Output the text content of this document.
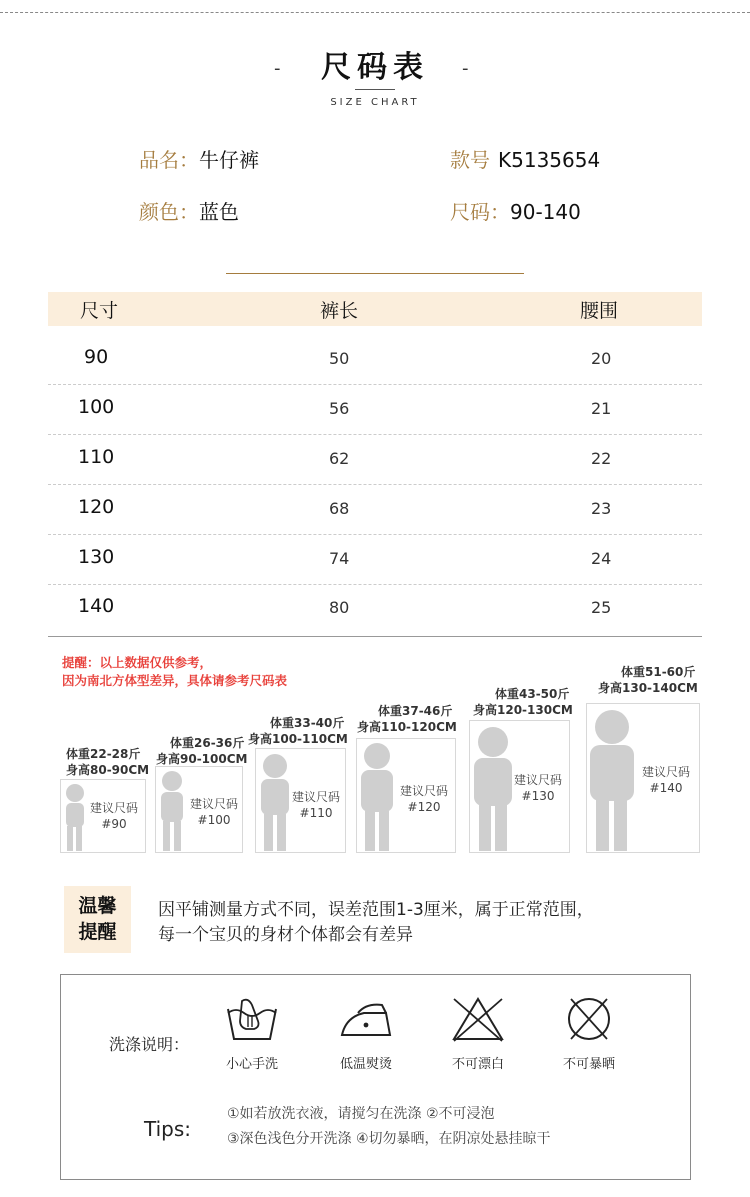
-	尺码表	-
SIZE CHART
品名：牛仔裤	款号 K5135654
颜色：蓝色	尺码：90-140
尺寸	裤长	腰围
90	50	20
100	56	21
110	62	22
120	68	23
130	74	24
140	80	25
提醒：以上数据仅供参考，
因为南北方体型差异，具体请参考尺码表
体重22-28斤
身高80-90CM
建议尺码
#90
体重26-36斤
身高90-100CM
建议尺码
#100
体重33-40斤
身高100-110CM
建议尺码
#110
体重37-46斤
身高110-120CM
建议尺码
#120
体重43-50斤
身高120-130CM
建议尺码
#130
体重51-60斤
身高130-140CM
建议尺码
#140
温馨
提醒
因平铺测量方式不同，误差范围1-3厘米，属于正常范围，
每一个宝贝的身材个体都会有差异
洗涤说明：
小心手洗	低温熨烫	不可漂白	不可暴晒
Tips:
①如若放洗衣液，请搅匀在洗涤 ②不可浸泡
③深色浅色分开洗涤 ④切勿暴晒，在阴凉处悬挂晾干
